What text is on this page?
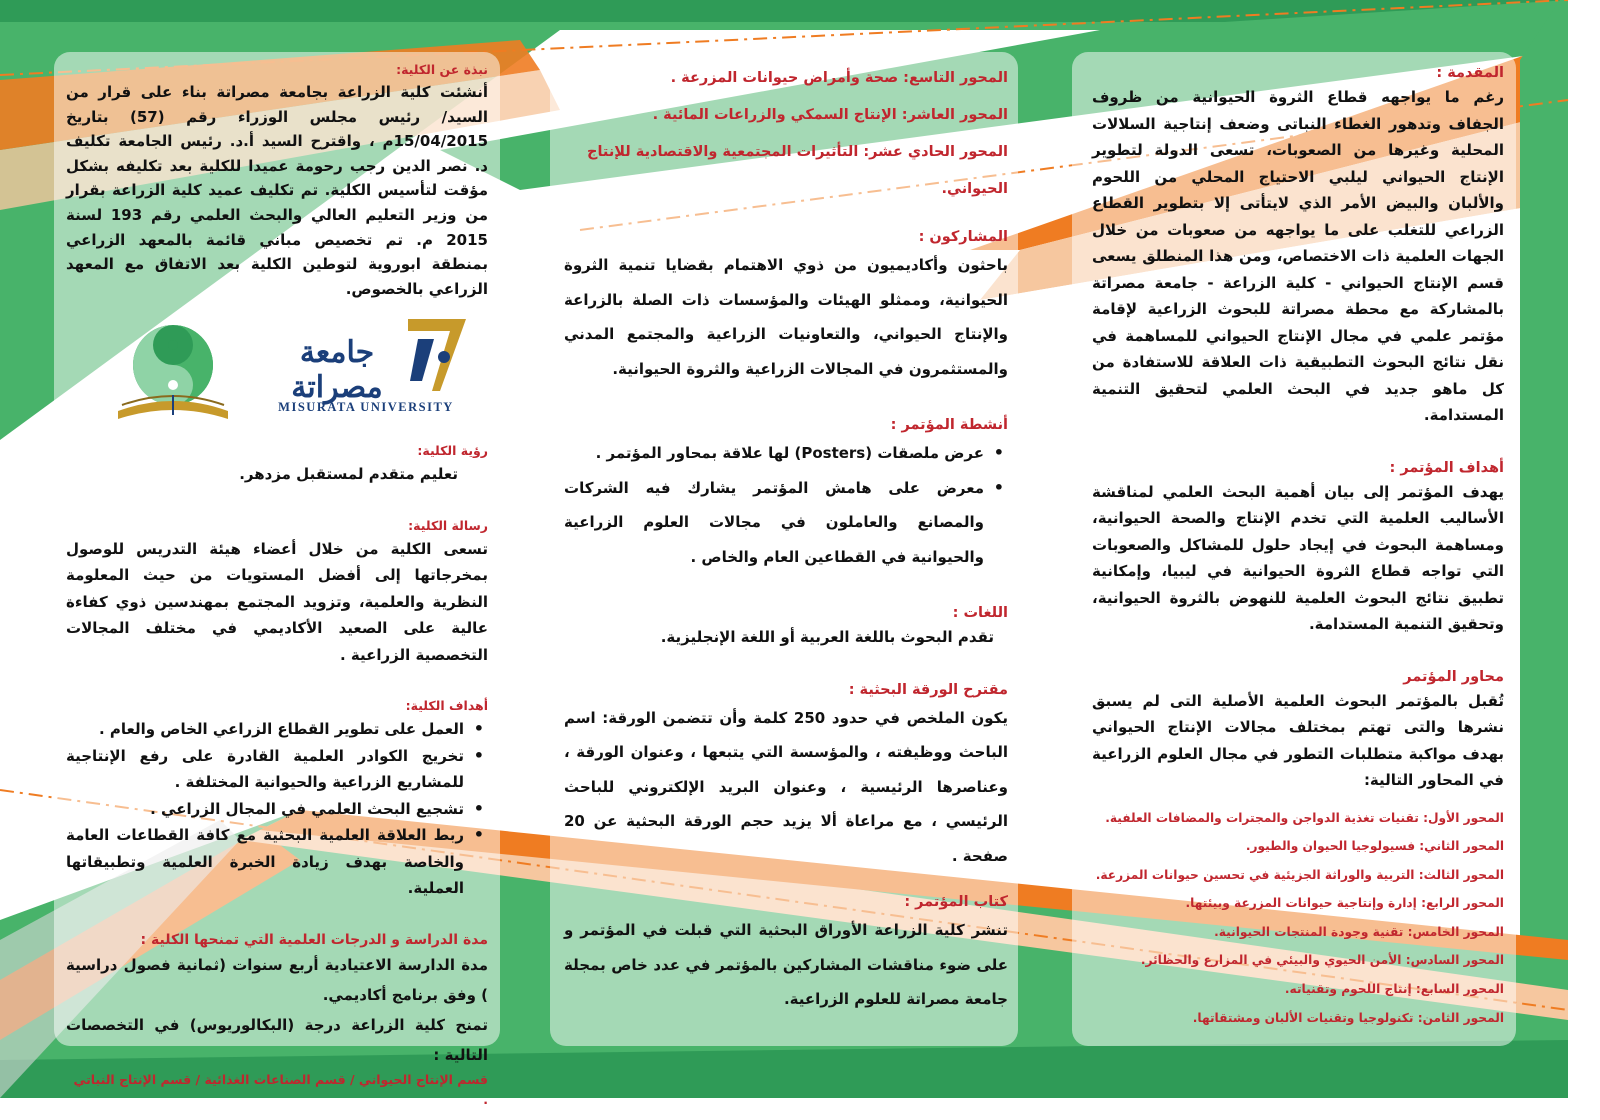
المقدمة :

رغم ما يواجهه قطاع الثروة الحيوانية من ظروف الجفاف وتدهور الغطاء النباتى وضعف إنتاجية السلالات المحلية وغيرها من الصعوبات، تسعى الدولة لتطوير الإنتاج الحيواني ليلبي الاحتياج المحلي من اللحوم والألبان والبيض الأمر الذي لايتأتى إلا بتطوير القطاع الزراعي للتغلب على ما يواجهه من صعوبات من خلال الجهات العلمية ذات الاختصاص، ومن هذا المنطلق يسعى قسم الإنتاج الحيواني - كلية الزراعة - جامعة مصراتة بالمشاركة مع محطة مصراتة للبحوث الزراعية لإقامة مؤتمر علمي في مجال الإنتاج الحيواني للمساهمة في نقل نتائج البحوث التطبيقية ذات العلاقة للاستفادة من كل ماهو جديد في البحث العلمي لتحقيق التنمية المستدامة.

أهداف المؤتمر :

يهدف المؤتمر إلى بيان أهمية البحث العلمي لمناقشة الأساليب العلمية التي تخدم الإنتاج والصحة الحيوانية، ومساهمة البحوث في إيجاد حلول للمشاكل والصعوبات التي تواجه قطاع الثروة الحيوانية في ليبيا، وإمكانية تطبيق نتائج البحوث العلمية للنهوض بالثروة الحيوانية، وتحقيق التنمية المستدامة.

محاور المؤتمر

تُقبل بالمؤتمر البحوث العلمية الأصلية التى لم يسبق نشرها والتى تهتم بمختلف مجالات الإنتاج الحيواني بهدف مواكبة متطلبات التطور في مجال العلوم الزراعية في المحاور التالية:

المحور الأول: تقنيات تغذية الدواجن والمجترات والمضافات العلفية.
المحور الثاني: فسيولوجيا الحيوان والطيور.
المحور الثالث: التربية والوراثة الجزيئية في تحسين حيوانات المزرعة.
المحور الرابع: إدارة وإنتاجية حيوانات المزرعة وبيئتها.
المحور الخامس: تقنية وجودة المنتجات الحيوانية.
المحور السادس: الأمن الحيوي والبيئي في المزارع والحظائر.
المحور السابع: إنتاج اللحوم وتقنياته.
المحور الثامن: تكنولوجيا وتقنيات الألبان ومشتقاتها.
المحور التاسع: صحة وأمراض حيوانات المزرعة .
المحور العاشر: الإنتاج السمكي والزراعات المائية .
المحور الحادي عشر: التأثيرات المجتمعية والاقتصادية للإنتاج الحيواني.
المشاركون :

باحثون وأكاديميون من ذوي الاهتمام بقضايا تنمية الثروة الحيوانية، وممثلو الهيئات والمؤسسات ذات الصلة بالزراعة والإنتاج الحيواني، والتعاونيات الزراعية والمجتمع المدني والمستثمرون في المجالات الزراعية والثروة الحيوانية.

أنشطة المؤتمر :
• عرض ملصقات (Posters) لها علاقة بمحاور المؤتمر .
• معرض على هامش المؤتمر يشارك فيه الشركات والمصانع والعاملون في مجالات العلوم الزراعية والحيوانية في القطاعين العام والخاص .
اللغات :

تقدم البحوث باللغة العربية أو اللغة الإنجليزية.

مقترح الورقة البحثية :

يكون الملخص في حدود 250 كلمة وأن تتضمن الورقة: اسم الباحث ووظيفته ، والمؤسسة التي يتبعها ، وعنوان الورقة ، وعناصرها الرئيسية ، وعنوان البريد الإلكتروني للباحث الرئيسي ، مع مراعاة ألا يزيد حجم الورقة البحثية عن 20 صفحة .

كتاب المؤتمر :

تنشر كلية الزراعة الأوراق البحثية التي قبلت في المؤتمر و على ضوء مناقشات المشاركين بالمؤتمر في عدد خاص بمجلة جامعة مصراتة للعلوم الزراعية.

نبذة عن الكلية:

أنشئت كلية الزراعة بجامعة مصراتة بناء على قرار من السيد/ رئيس مجلس الوزراء رقم (57) بتاريخ 15/04/2015م ، واقترح السيد أ.د. رئيس الجامعة تكليف د. نصر الدين رجب رحومة عميدا للكلية بعد تكليفه بشكل مؤقت لتأسيس الكلية. تم تكليف عميد كلية الزراعة بقرار من وزير التعليم العالي والبحث العلمي رقم 193 لسنة 2015 م. تم تخصيص مباني قائمة بالمعهد الزراعي بمنطقة ابوروية لتوطين الكلية بعد الاتفاق مع المعهد الزراعي بالخصوص.

جامعة مصراتة
MISURATA UNIVERSITY
رؤية الكلية:

تعليم متقدم لمستقبل مزدهر.

رسالة الكلية:

تسعى الكلية من خلال أعضاء هيئة التدريس للوصول بمخرجاتها إلى أفضل المستويات من حيث المعلومة النظرية والعلمية، وتزويد المجتمع بمهندسين ذوي كفاءة عالية على الصعيد الأكاديمي في مختلف المجالات التخصصية الزراعية .

أهداف الكلية:
• العمل على تطوير القطاع الزراعي الخاص والعام .
• تخريج الكوادر العلمية القادرة على رفع الإنتاجية للمشاريع الزراعية والحيوانية المختلفة .
• تشجيع البحث العلمي في المجال الزراعي .
• ربط العلاقة العلمية البحثية مع كافة القطاعات العامة والخاصة بهدف زيادة الخبرة العلمية وتطبيقاتها العملية.
مدة الدراسة و الدرجات العلمية التي تمنحها الكلية :

مدة الدارسة الاعتيادية أربع سنوات (ثمانية فصول دراسية ) وفق برنامج أكاديمي.

تمنح كلية الزراعة درجة (البكالوريوس) في التخصصات التالية :

قسم الإنتاج الحيواني / قسم الصناعات الغذائية / قسم الإنتاج النباتي .
